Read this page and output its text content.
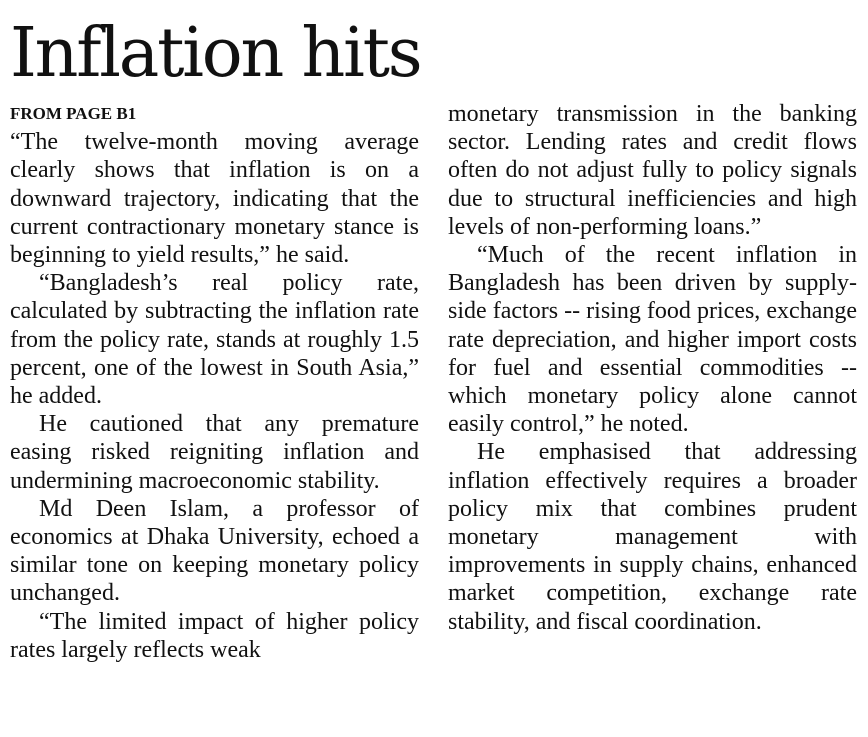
Inflation hits
FROM PAGE B1

“The twelve-month moving average clearly shows that inflation is on a downward trajectory, indicating that the current contractionary monetary stance is beginning to yield results,” he said.

“Bangladesh’s real policy rate, calculated by subtracting the inflation rate from the policy rate, stands at roughly 1.5 percent, one of the lowest in South Asia,” he added.

He cautioned that any premature easing risked reigniting inflation and undermining macroeconomic stability.

Md Deen Islam, a professor of economics at Dhaka University, echoed a similar tone on keeping monetary policy unchanged.

“The limited impact of higher policy rates largely reflects weak

monetary transmission in the banking sector. Lending rates and credit flows often do not adjust fully to policy signals due to structural inefficiencies and high levels of non-performing loans.”

“Much of the recent inflation in Bangladesh has been driven by supply-side factors -- rising food prices, exchange rate depreciation, and higher import costs for fuel and essential commodities -- which monetary policy alone cannot easily control,” he noted.

He emphasised that addressing inflation effectively requires a broader policy mix that combines prudent monetary management with improvements in supply chains, enhanced market competition, exchange rate stability, and fiscal coordination.
